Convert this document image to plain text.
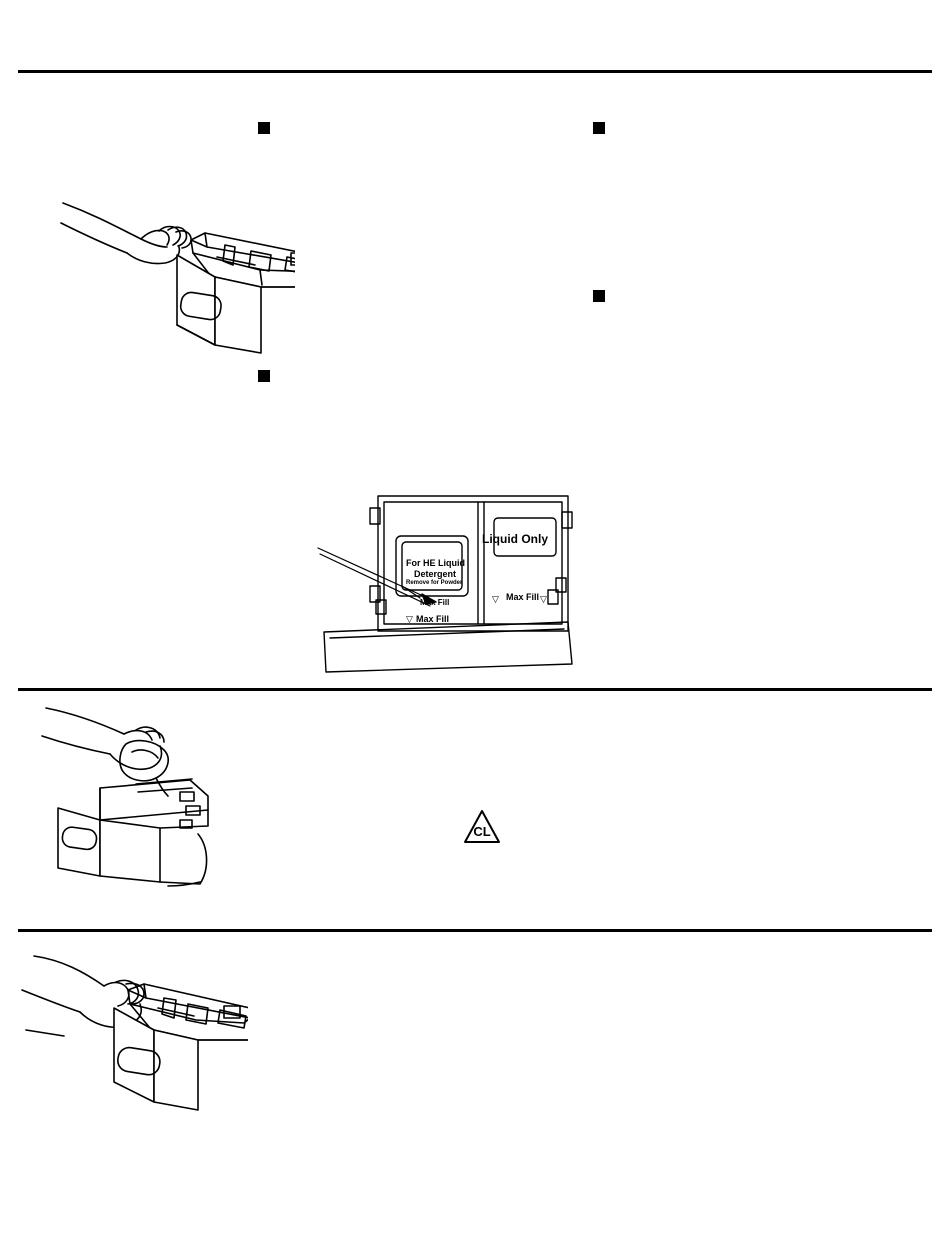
Liquid Only
For HE Liquid
Detergent
Remove for Powder
Max Fill
Max Fill
▽
▽ Max Fill ▽
CL
